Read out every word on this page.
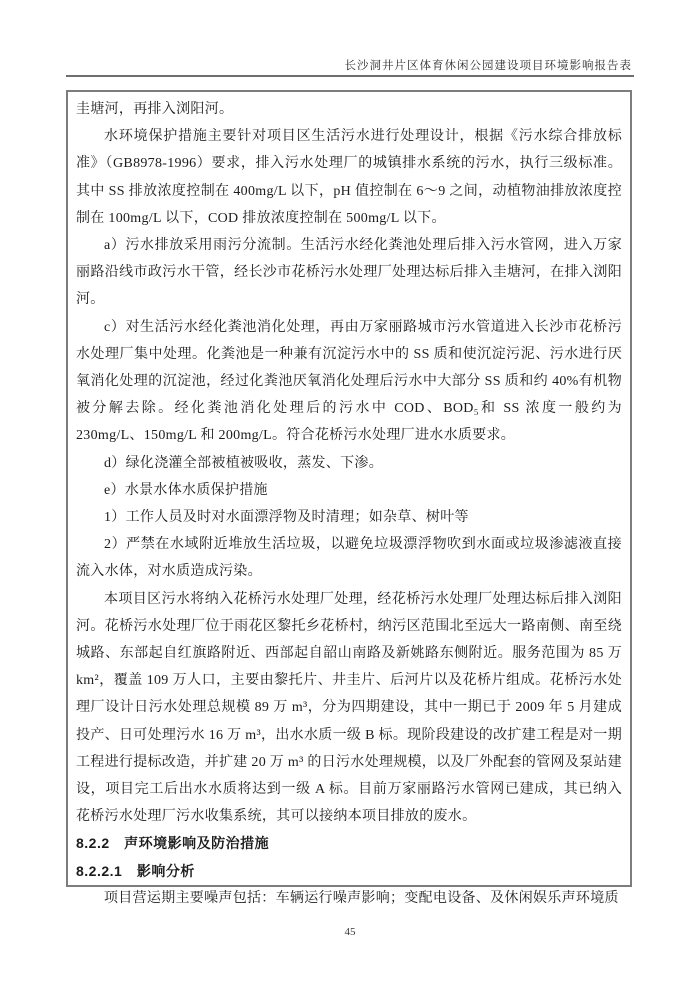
长沙洞井片区体育休闲公园建设项目环境影响报告表

圭塘河，再排入浏阳河。

水环境保护措施主要针对项目区生活污水进行处理设计，根据《污水综合排放标准》（GB8978-1996）要求，排入污水处理厂的城镇排水系统的污水，执行三级标准。其中 SS 排放浓度控制在 400mg/L 以下，pH 值控制在 6～9 之间，动植物油排放浓度控制在 100mg/L 以下，COD 排放浓度控制在 500mg/L 以下。

a）污水排放采用雨污分流制。生活污水经化粪池处理后排入污水管网，进入万家丽路沿线市政污水干管，经长沙市花桥污水处理厂处理达标后排入圭塘河，在排入浏阳河。

c）对生活污水经化粪池消化处理，再由万家丽路城市污水管道进入长沙市花桥污水处理厂集中处理。化粪池是一种兼有沉淀污水中的 SS 质和使沉淀污泥、污水进行厌氧消化处理的沉淀池，经过化粪池厌氧消化处理后污水中大部分 SS 质和约 40%有机物被分解去除。经化粪池消化处理后的污水中 COD、BOD₅和 SS 浓度一般约为 230mg/L、150mg/L 和 200mg/L。符合花桥污水处理厂进水水质要求。

d）绿化浇灌全部被植被吸收，蒸发、下渗。

e）水景水体水质保护措施

1）工作人员及时对水面漂浮物及时清理；如杂草、树叶等

2）严禁在水域附近堆放生活垃圾，以避免垃圾漂浮物吹到水面或垃圾渗滤液直接流入水体，对水质造成污染。

本项目区污水将纳入花桥污水处理厂处理，经花桥污水处理厂处理达标后排入浏阳河。花桥污水处理厂位于雨花区黎托乡花桥村，纳污区范围北至远大一路南侧、南至绕城路、东部起自红旗路附近、西部起自韶山南路及新姚路东侧附近。服务范围为 85 万 km²，覆盖 109 万人口，主要由黎托片、井圭片、后河片以及花桥片组成。花桥污水处理厂设计日污水处理总规模 89 万 m³，分为四期建设，其中一期已于 2009 年 5 月建成投产、日可处理污水 16 万 m³，出水水质一级 B 标。现阶段建设的改扩建工程是对一期工程进行提标改造，并扩建 20 万 m³ 的日污水处理规模，以及厂外配套的管网及泵站建设，项目完工后出水水质将达到一级 A 标。目前万家丽路污水管网已建成，其已纳入花桥污水处理厂污水收集系统，其可以接纳本项目排放的废水。

8.2.2　声环境影响及防治措施

8.2.2.1　影响分析

项目营运期主要噪声包括：车辆运行噪声影响；变配电设备、及休闲娱乐声环境质

45
